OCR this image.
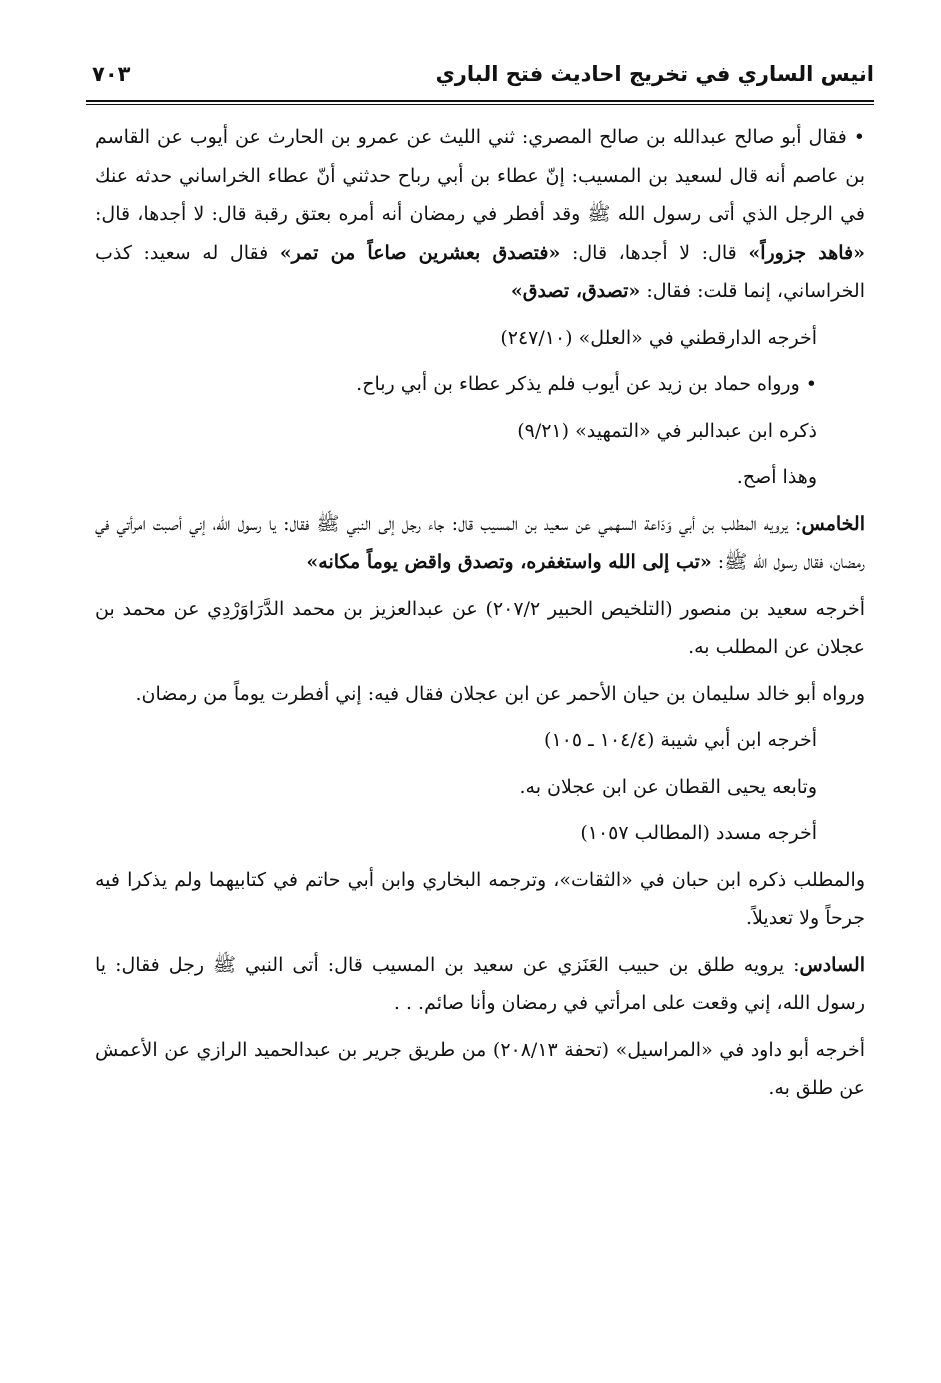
انيس الساري في تخريج احاديث فتح الباري
٧٠٣

• فقال أبو صالح عبدالله بن صالح المصري: ثني الليث عن عمرو بن الحارث عن أيوب عن القاسم بن عاصم أنه قال لسعيد بن المسيب: إنّ عطاء بن أبي رباح حدثني أنّ عطاء الخراساني حدثه عنك في الرجل الذي أتى رسول الله ﷺ وقد أفطر في رمضان أنه أمره بعتق رقبة قال: لا أجدها، قال: «فاهد جزوراً» قال: لا أجدها، قال: «فتصدق بعشرين صاعاً من تمر» فقال له سعيد: كذب الخراساني، إنما قلت: فقال: «تصدق، تصدق»

أخرجه الدارقطني في «العلل» (٢٤٧/١٠)

• ورواه حماد بن زيد عن أيوب فلم يذكر عطاء بن أبي رباح.

ذكره ابن عبدالبر في «التمهيد» (٩/٢١)

وهذا أصح.

الخامس: يرويه المطلب بن أبي وَدَاعة السهمي عن سعيد بن المسيب قال: جاء رجل إلى النبي ﷺ فقال: يا رسول الله، إني أصبت امرأتي في رمضان، فقال رسول الله ﷺ: «تب إلى الله واستغفره، وتصدق واقض يوماً مكانه»

أخرجه سعيد بن منصور (التلخيص الحبير ٢٠٧/٢) عن عبدالعزيز بن محمد الدَّرَاوَرْدِي عن محمد بن عجلان عن المطلب به.

ورواه أبو خالد سليمان بن حيان الأحمر عن ابن عجلان فقال فيه: إني أفطرت يوماً من رمضان.

أخرجه ابن أبي شيبة (١٠٤/٤ ـ ١٠٥)

وتابعه يحيى القطان عن ابن عجلان به.

أخرجه مسدد (المطالب ١٠٥٧)

والمطلب ذكره ابن حبان في «الثقات»، وترجمه البخاري وابن أبي حاتم في كتابيهما ولم يذكرا فيه جرحاً ولا تعديلاً.

السادس: يرويه طلق بن حبيب العَنَزي عن سعيد بن المسيب قال: أتى النبي ﷺ رجل فقال: يا رسول الله، إني وقعت على امرأتي في رمضان وأنا صائم. . .

أخرجه أبو داود في «المراسيل» (تحفة ٢٠٨/١٣) من طريق جرير بن عبدالحميد الرازي عن الأعمش عن طلق به.
